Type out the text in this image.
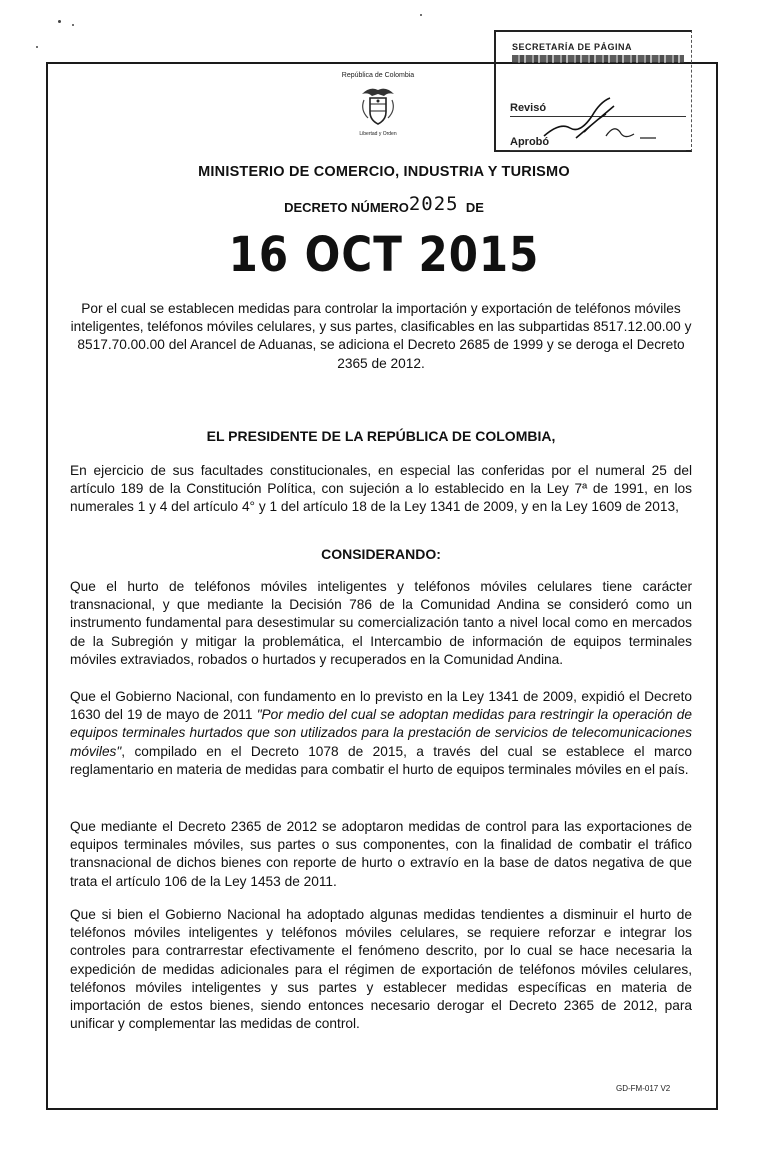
República de Colombia
Libertad y Orden
SECRETARÍA DE PÁGINA
Revisó
Aprobó
MINISTERIO DE COMERCIO, INDUSTRIA Y TURISMO
DECRETO NÚMERO2025 DE
16 OCT 2015

Por el cual se establecen medidas para controlar la importación y exportación de teléfonos móviles inteligentes, teléfonos móviles celulares, y sus partes, clasificables en las subpartidas 8517.12.00.00 y 8517.70.00.00 del Arancel de Aduanas, se adiciona el Decreto 2685 de 1999 y se deroga el Decreto 2365 de 2012.

EL PRESIDENTE DE LA REPÚBLICA DE COLOMBIA,

En ejercicio de sus facultades constitucionales, en especial las conferidas por el numeral 25 del artículo 189 de la Constitución Política, con sujeción a lo establecido en la Ley 7ª de 1991, en los numerales 1 y 4 del artículo 4° y 1 del artículo 18 de la Ley 1341 de 2009, y en la Ley 1609 de 2013,

CONSIDERANDO:

Que el hurto de teléfonos móviles inteligentes y teléfonos móviles celulares tiene carácter transnacional, y que mediante la Decisión 786 de la Comunidad Andina se consideró como un instrumento fundamental para desestimular su comercialización tanto a nivel local como en mercados de la Subregión y mitigar la problemática, el Intercambio de información de equipos terminales móviles extraviados, robados o hurtados y recuperados en la Comunidad Andina.

Que el Gobierno Nacional, con fundamento en lo previsto en la Ley 1341 de 2009, expidió el Decreto 1630 del 19 de mayo de 2011 "Por medio del cual se adoptan medidas para restringir la operación de equipos terminales hurtados que son utilizados para la prestación de servicios de telecomunicaciones móviles", compilado en el Decreto 1078 de 2015, a través del cual se establece el marco reglamentario en materia de medidas para combatir el hurto de equipos terminales móviles en el país.

Que mediante el Decreto 2365 de 2012 se adoptaron medidas de control para las exportaciones de equipos terminales móviles, sus partes o sus componentes, con la finalidad de combatir el tráfico transnacional de dichos bienes con reporte de hurto o extravío en la base de datos negativa de que trata el artículo 106 de la Ley 1453 de 2011.

Que si bien el Gobierno Nacional ha adoptado algunas medidas tendientes a disminuir el hurto de teléfonos móviles inteligentes y teléfonos móviles celulares, se requiere reforzar e integrar los controles para contrarrestar efectivamente el fenómeno descrito, por lo cual se hace necesaria la expedición de medidas adicionales para el régimen de exportación de teléfonos móviles celulares, teléfonos móviles inteligentes y sus partes y establecer medidas específicas en materia de importación de estos bienes, siendo entonces necesario derogar el Decreto 2365 de 2012, para unificar y complementar las medidas de control.

GD-FM-017 V2
